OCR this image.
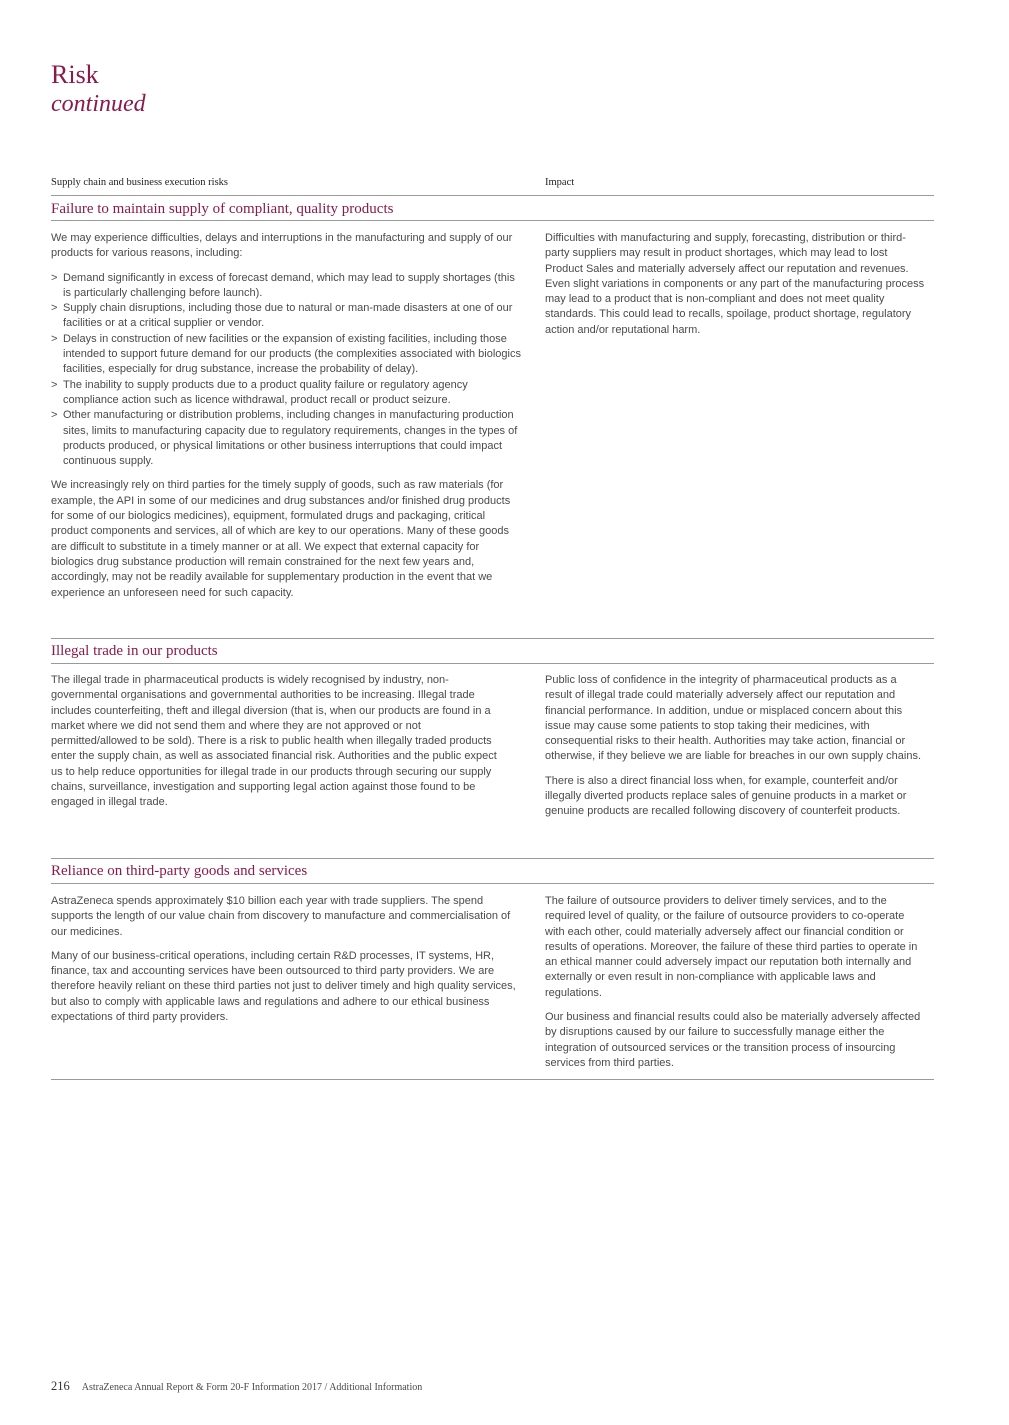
Risk
continued
Supply chain and business execution risks	Impact
Failure to maintain supply of compliant, quality products

We may experience difficulties, delays and interruptions in the manufacturing and supply of our products for various reasons, including:

> Demand significantly in excess of forecast demand, which may lead to supply shortages (this is particularly challenging before launch).
> Supply chain disruptions, including those due to natural or man-made disasters at one of our facilities or at a critical supplier or vendor.
> Delays in construction of new facilities or the expansion of existing facilities, including those intended to support future demand for our products (the complexities associated with biologics facilities, especially for drug substance, increase the probability of delay).
> The inability to supply products due to a product quality failure or regulatory agency compliance action such as licence withdrawal, product recall or product seizure.
> Other manufacturing or distribution problems, including changes in manufacturing production sites, limits to manufacturing capacity due to regulatory requirements, changes in the types of products produced, or physical limitations or other business interruptions that could impact continuous supply.

We increasingly rely on third parties for the timely supply of goods, such as raw materials (for example, the API in some of our medicines and drug substances and/or finished drug products for some of our biologics medicines), equipment, formulated drugs and packaging, critical product components and services, all of which are key to our operations. Many of these goods are difficult to substitute in a timely manner or at all. We expect that external capacity for biologics drug substance production will remain constrained for the next few years and, accordingly, may not be readily available for supplementary production in the event that we experience an unforeseen need for such capacity.

Difficulties with manufacturing and supply, forecasting, distribution or third-party suppliers may result in product shortages, which may lead to lost Product Sales and materially adversely affect our reputation and revenues. Even slight variations in components or any part of the manufacturing process may lead to a product that is non-compliant and does not meet quality standards. This could lead to recalls, spoilage, product shortage, regulatory action and/or reputational harm.

Illegal trade in our products

The illegal trade in pharmaceutical products is widely recognised by industry, non-governmental organisations and governmental authorities to be increasing. Illegal trade includes counterfeiting, theft and illegal diversion (that is, when our products are found in a market where we did not send them and where they are not approved or not permitted/allowed to be sold). There is a risk to public health when illegally traded products enter the supply chain, as well as associated financial risk. Authorities and the public expect us to help reduce opportunities for illegal trade in our products through securing our supply chains, surveillance, investigation and supporting legal action against those found to be engaged in illegal trade.

Public loss of confidence in the integrity of pharmaceutical products as a result of illegal trade could materially adversely affect our reputation and financial performance. In addition, undue or misplaced concern about this issue may cause some patients to stop taking their medicines, with consequential risks to their health. Authorities may take action, financial or otherwise, if they believe we are liable for breaches in our own supply chains.

There is also a direct financial loss when, for example, counterfeit and/or illegally diverted products replace sales of genuine products in a market or genuine products are recalled following discovery of counterfeit products.

Reliance on third-party goods and services

AstraZeneca spends approximately $10 billion each year with trade suppliers. The spend supports the length of our value chain from discovery to manufacture and commercialisation of our medicines.

Many of our business-critical operations, including certain R&D processes, IT systems, HR, finance, tax and accounting services have been outsourced to third party providers. We are therefore heavily reliant on these third parties not just to deliver timely and high quality services, but also to comply with applicable laws and regulations and adhere to our ethical business expectations of third party providers.

The failure of outsource providers to deliver timely services, and to the required level of quality, or the failure of outsource providers to co-operate with each other, could materially adversely affect our financial condition or results of operations. Moreover, the failure of these third parties to operate in an ethical manner could adversely impact our reputation both internally and externally or even result in non-compliance with applicable laws and regulations.

Our business and financial results could also be materially adversely affected by disruptions caused by our failure to successfully manage either the integration of outsourced services or the transition process of insourcing services from third parties.

216 AstraZeneca Annual Report & Form 20-F Information 2017 / Additional Information
